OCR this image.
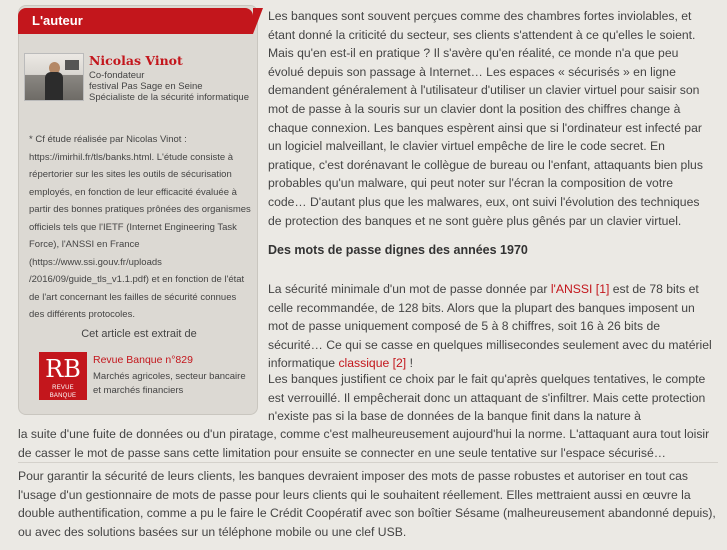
L'auteur
Nicolas Vinot
Co-fondateur
festival Pas Sage en Seine
Spécialiste de la sécurité informatique
* Cf étude réalisée par Nicolas Vinot : https://imirhil.fr/tls/banks.html. L'étude consiste à répertorier sur les sites les outils de sécurisation employés, en fonction de leur efficacité évaluée à partir des bonnes pratiques prônées des organismes officiels tels que l'IETF (Internet Engineering Task Force), l'ANSSI en France (https://www.ssi.gouv.fr/uploads /2016/09/guide_tls_v1.1.pdf) et en fonction de l'état de l'art concernant les failles de sécurité connues des différents protocoles.
Cet article est extrait de
RB
REVUE BANQUE
Revue Banque n°829
Marchés agricoles, secteur bancaire et marchés financiers

Les banques sont souvent perçues comme des chambres fortes inviolables, et étant donné la criticité du secteur, ses clients s'attendent à ce qu'elles le soient. Mais qu'en est-il en pratique ? Il s'avère qu'en réalité, ce monde n'a que peu évolué depuis son passage à Internet… Les espaces « sécurisés » en ligne demandent généralement à l'utilisateur d'utiliser un clavier virtuel pour saisir son mot de passe à la souris sur un clavier dont la position des chiffres change à chaque connexion. Les banques espèrent ainsi que si l'ordinateur est infecté par un logiciel malveillant, le clavier virtuel empêche de lire le code secret. En pratique, c'est dorénavant le collègue de bureau ou l'enfant, attaquants bien plus probables qu'un malware, qui peut noter sur l'écran la composition de votre code… D'autant plus que les malwares, eux, ont suivi l'évolution des techniques de protection des banques et ne sont guère plus gênés par un clavier virtuel.

Des mots de passe dignes des années 1970

La sécurité minimale d'un mot de passe donnée par l'ANSSI [1] est de 78 bits et celle recommandée, de 128 bits. Alors que la plupart des banques imposent un mot de passe uniquement composé de 5 à 8 chiffres, soit 16 à 26 bits de sécurité… Ce qui se casse en quelques millisecondes seulement avec du matériel informatique classique [2] !

Les banques justifient ce choix par le fait qu'après quelques tentatives, le compte est verrouillé. Il empêcherait donc un attaquant de s'infiltrer. Mais cette protection n'existe pas si la base de données de la banque finit dans la nature à

la suite d'une fuite de données ou d'un piratage, comme c'est malheureusement aujourd'hui la norme. L'attaquant aura tout loisir de casser le mot de passe sans cette limitation pour ensuite se connecter en une seule tentative sur l'espace sécurisé…

Pour garantir la sécurité de leurs clients, les banques devraient imposer des mots de passe robustes et autoriser en tout cas l'usage d'un gestionnaire de mots de passe pour leurs clients qui le souhaitent réellement. Elles mettraient aussi en œuvre la double authentification, comme a pu le faire le Crédit Coopératif avec son boîtier Sésame (malheureusement abandonné depuis), ou avec des solutions basées sur un téléphone mobile ou une clef USB.
